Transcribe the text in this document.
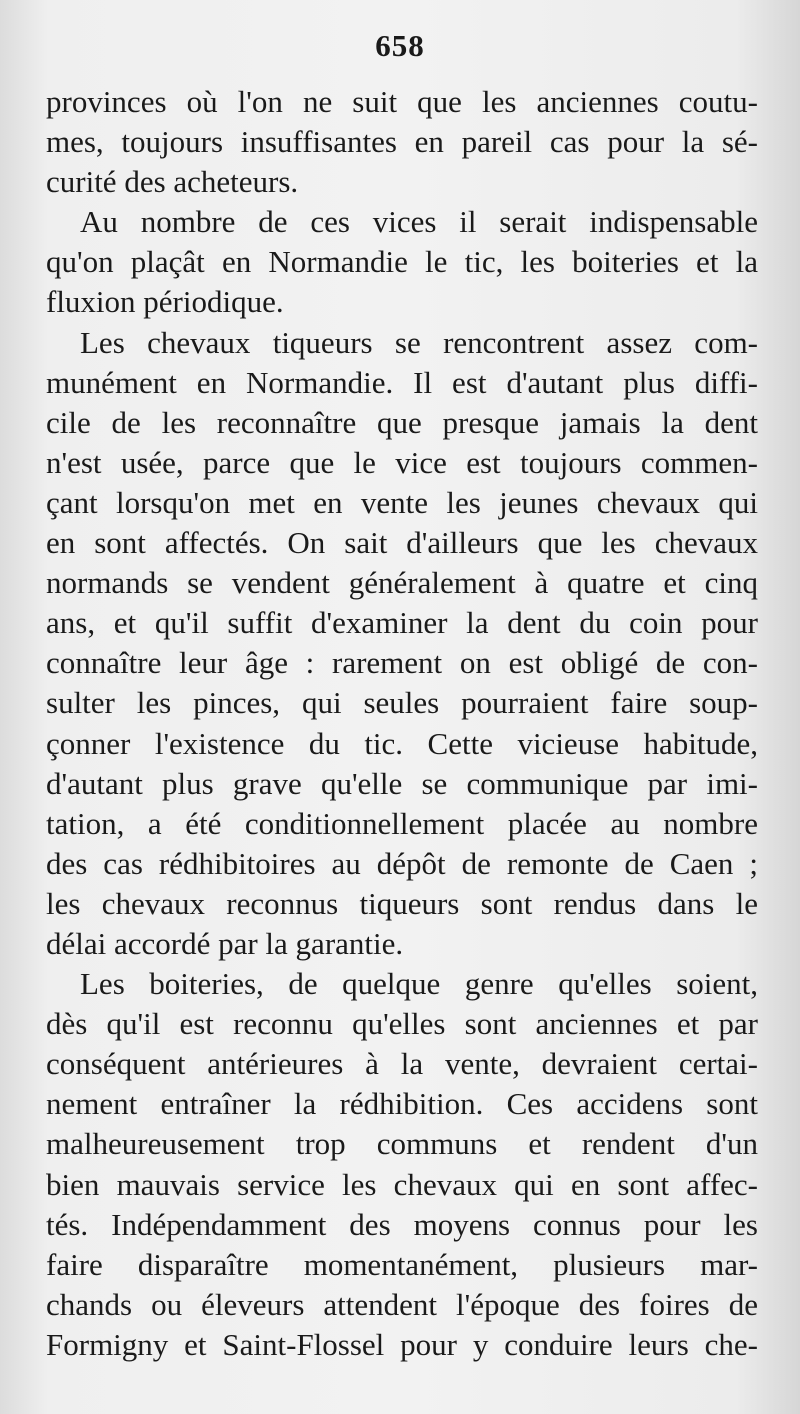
658
provinces où l'on ne suit que les anciennes coutu-
mes, toujours insuffisantes en pareil cas pour la sé-
curité des acheteurs.
Au nombre de ces vices il serait indispensable
qu'on plaçât en Normandie le tic, les boiteries et la
fluxion périodique.
Les chevaux tiqueurs se rencontrent assez com-
munément en Normandie. Il est d'autant plus diffi-
cile de les reconnaître que presque jamais la dent
n'est usée, parce que le vice est toujours commen-
çant lorsqu'on met en vente les jeunes chevaux qui
en sont affectés. On sait d'ailleurs que les chevaux
normands se vendent généralement à quatre et cinq
ans, et qu'il suffit d'examiner la dent du coin pour
connaître leur âge : rarement on est obligé de con-
sulter les pinces, qui seules pourraient faire soup-
çonner l'existence du tic. Cette vicieuse habitude,
d'autant plus grave qu'elle se communique par imi-
tation, a été conditionnellement placée au nombre
des cas rédhibitoires au dépôt de remonte de Caen ;
les chevaux reconnus tiqueurs sont rendus dans le
délai accordé par la garantie.
Les boiteries, de quelque genre qu'elles soient,
dès qu'il est reconnu qu'elles sont anciennes et par
conséquent antérieures à la vente, devraient certai-
nement entraîner la rédhibition. Ces accidens sont
malheureusement trop communs et rendent d'un
bien mauvais service les chevaux qui en sont affec-
tés. Indépendamment des moyens connus pour les
faire disparaître momentanément, plusieurs mar-
chands ou éleveurs attendent l'époque des foires de
Formigny et Saint-Flossel pour y conduire leurs che-
